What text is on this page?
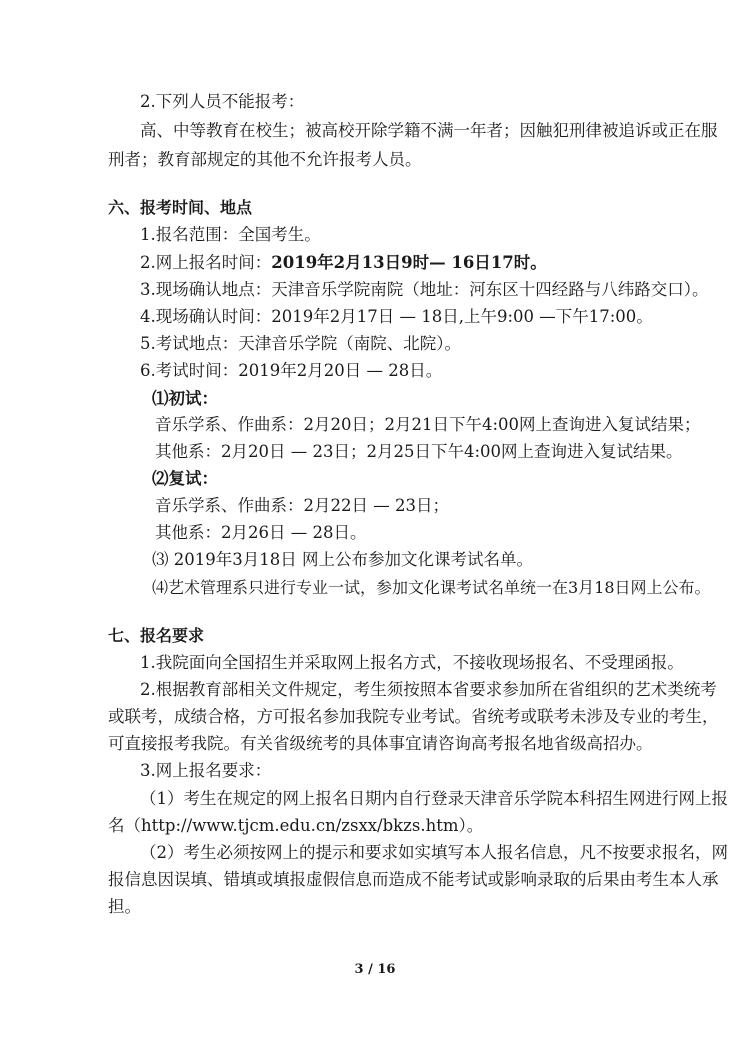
2.下列人员不能报考：
高、中等教育在校生；被高校开除学籍不满一年者；因触犯刑律被追诉或正在服
刑者；教育部规定的其他不允许报考人员。
六、报考时间、地点
1.报名范围：全国考生。
2.网上报名时间：2019年2月13日9时— 16日17时。
3.现场确认地点：天津音乐学院南院（地址：河东区十四经路与八纬路交口）。
4.现场确认时间：2019年2月17日 — 18日,上午9:00 —下午17:00。
5.考试地点：天津音乐学院（南院、北院）。
6.考试时间：2019年2月20日 — 28日。
⑴初试：
音乐学系、作曲系：2月20日；2月21日下午4:00网上查询进入复试结果；
其他系：2月20日 — 23日；2月25日下午4:00网上查询进入复试结果。
⑵复试：
音乐学系、作曲系：2月22日 — 23日；
其他系：2月26日 — 28日。
⑶ 2019年3月18日 网上公布参加文化课考试名单。
⑷艺术管理系只进行专业一试，参加文化课考试名单统一在3月18日网上公布。
七、报名要求
1.我院面向全国招生并采取网上报名方式，不接收现场报名、不受理函报。
2.根据教育部相关文件规定，考生须按照本省要求参加所在省组织的艺术类统考
或联考，成绩合格，方可报名参加我院专业考试。省统考或联考未涉及专业的考生，
可直接报考我院。有关省级统考的具体事宜请咨询高考报名地省级高招办。
3.网上报名要求：
（1）考生在规定的网上报名日期内自行登录天津音乐学院本科招生网进行网上报
名（http://www.tjcm.edu.cn/zsxx/bkzs.htm）。
（2）考生必须按网上的提示和要求如实填写本人报名信息，凡不按要求报名，网
报信息因误填、错填或填报虚假信息而造成不能考试或影响录取的后果由考生本人承
担。
3 / 16
